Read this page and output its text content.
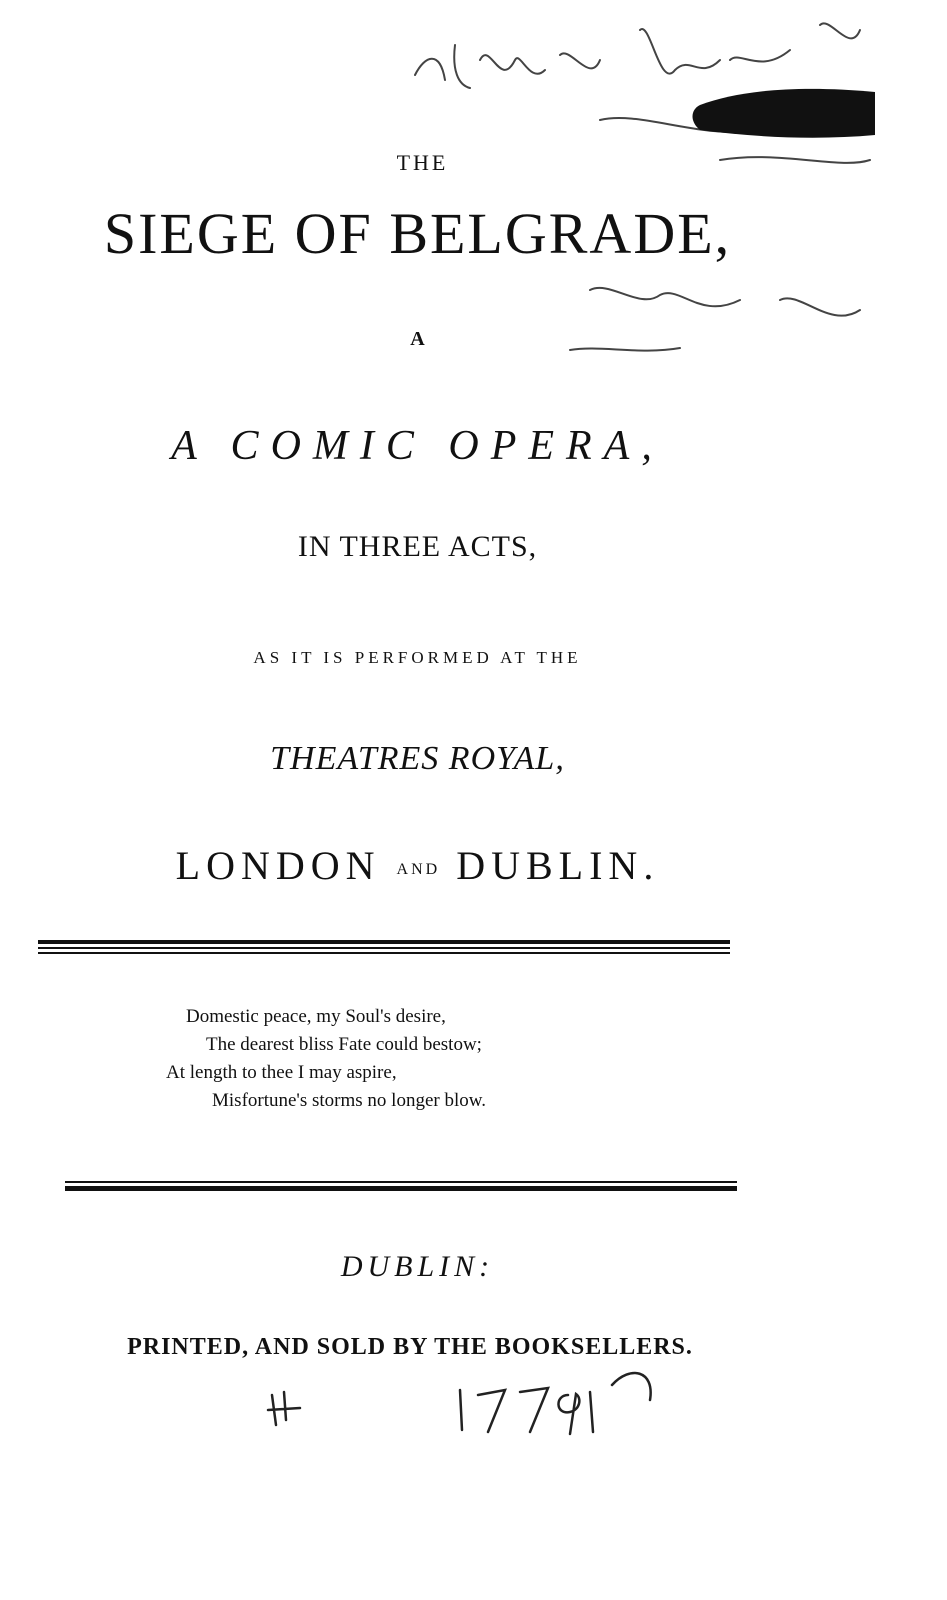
THE
SIEGE OF BELGRADE,
A
A COMIC OPERA,
IN THREE ACTS,
AS IT IS PERFORMED AT THE
THEATRES ROYAL,
LONDON AND DUBLIN.
Domestic peace, my Soul's desire,
The dearest bliss Fate could bestow;
At length to thee I may aspire,
Misfortune's storms no longer blow.
DUBLIN:
PRINTED, AND SOLD BY THE BOOKSELLERS.
